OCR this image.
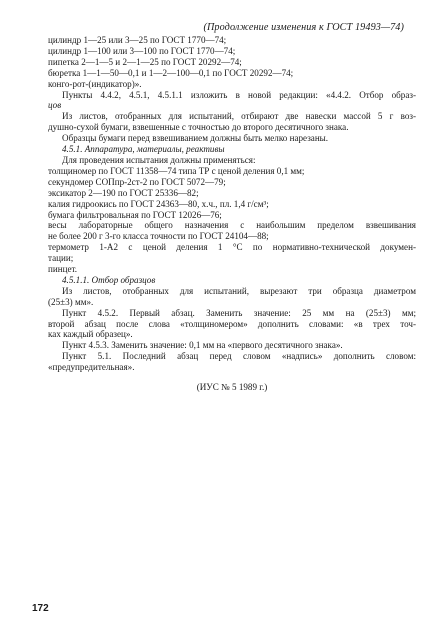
(Продолжение изменения к ГОСТ 19493—74)
цилиндр 1—25 или 3—25 по ГОСТ 1770—74;
цилиндр 1—100 или 3—100 по ГОСТ 1770—74;
пипетка 2—1—5 и 2—1—25 по ГОСТ 20292—74;
бюретка 1—1—50—0,1 и 1—2—100—0,1 по ГОСТ 20292—74;
конго-рот-(индикатор)».
Пункты 4.4.2, 4.5.1, 4.5.1.1 изложить в новой редакции: «4.4.2. Отбор образ-
цов
Из листов, отобранных для испытаний, отбирают две навески массой 5 г воз-
душно-сухой бумаги, взвешенные с точностью до второго десятичного знака.
Образцы бумаги перед взвешиванием должны быть мелко нарезаны.
4.5.1. Аппаратура, материалы, реактивы
Для проведения испытания должны применяться:
толщиномер по ГОСТ 11358—74 типа ТР с ценой деления 0,1 мм;
секундомер СОПпр-2ст-2 по ГОСТ 5072—79;
эксикатор 2—190 по ГОСТ 25336—82;
калия гидроокись по ГОСТ 24363—80, х.ч., пл. 1,4 г/см³;
бумага фильтровальная по ГОСТ 12026—76;
весы лабораторные общего назначения с наибольшим пределом взвешивания
не более 200 г 3-го класса точности по ГОСТ 24104—88;
термометр 1-А2 с ценой деления 1 °С по нормативно-технической докумен-
тации;
пинцет.
4.5.1.1. Отбор образцов
Из листов, отобранных для испытаний, вырезают три образца диаметром
(25±3) мм».
Пункт 4.5.2. Первый абзац. Заменить значение: 25 мм на (25±3) мм;
второй абзац после слова «толщиномером» дополнить словами: «в трех точ-
ках каждый образец».
Пункт 4.5.3. Заменить значение: 0,1 мм на «первого десятичного знака».
Пункт 5.1. Последний абзац перед словом «надпись» дополнить словом:
«предупредительная».
(ИУС № 5 1989 г.)
172
